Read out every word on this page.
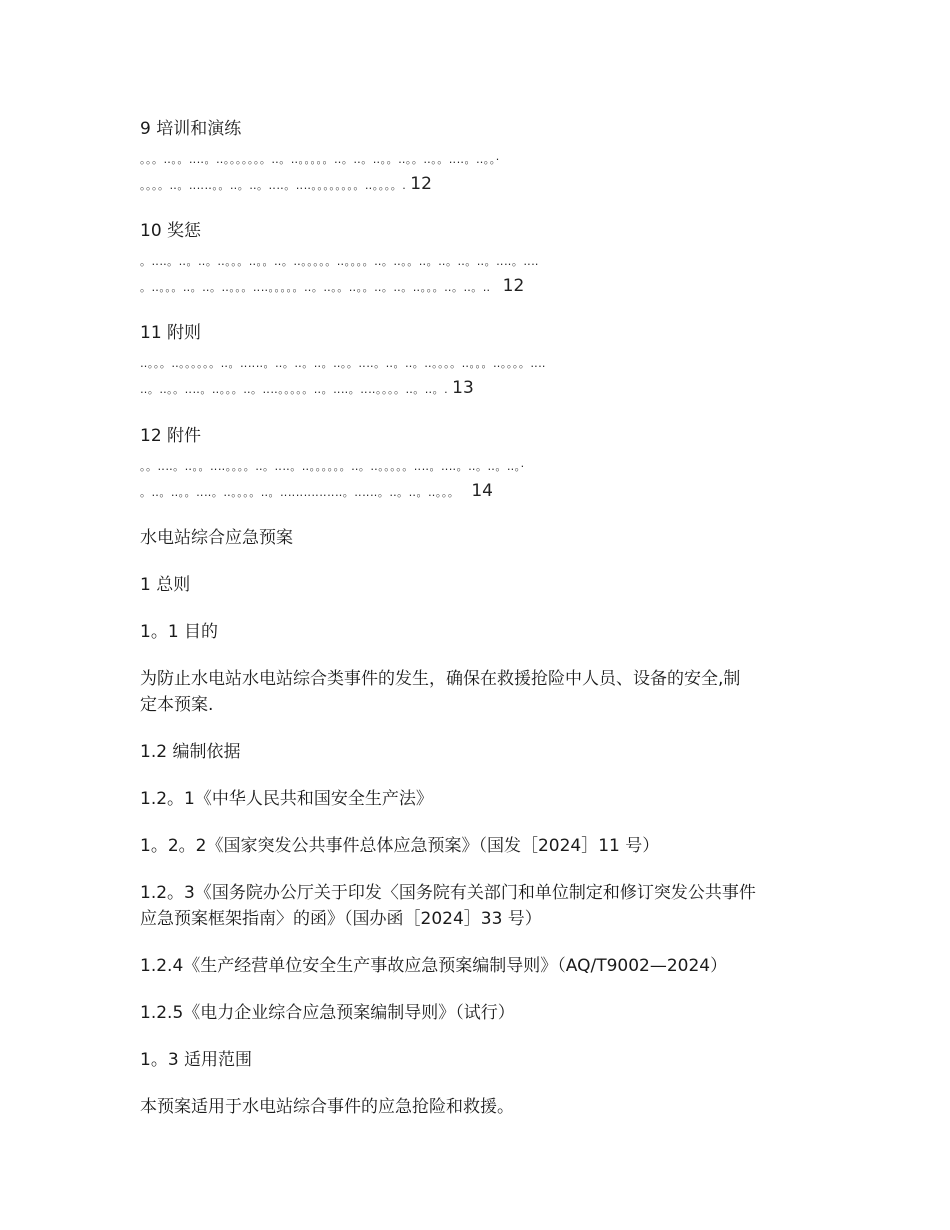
9 培训和演练
。。。‥。。‥‥。‥。。。。。。。‥。‥。。。。。‥。‥。‥。。‥。。‥。。‥‥。‥。。·
。。。。‥。‥‥‥。。‥。‥。‥‥。‥‥。。。。。。。。‥。。。。. 12
10 奖惩
。‥‥。‥。‥。‥。。。‥。。‥。‥。。。。。‥。。。。‥。‥。。‥。‥。‥。‥。‥‥。‥‥
。‥。。。‥。‥。‥。。。‥‥。。。。。‥。‥。。‥。。‥。‥。‥。。。‥。‥。‥ 12
11 附则
‥。。。‥。。。。。。‥。‥‥‥。‥。‥。‥。‥。。‥‥。‥。‥。‥。。。。‥。。。‥。。。。‥‥
‥。‥。。‥‥。‥。。。‥。‥‥。。。。。‥。‥‥。‥‥。。。。‥。‥。. 13
12 附件
。。‥‥。‥。。‥‥。。。。‥。‥‥。‥。。。。。。‥。‥。。。。。‥‥。‥‥。‥。‥。‥。·
。‥。‥。。‥‥。‥。。。。‥。‥‥‥‥‥‥‥‥。‥‥‥。‥。‥。‥。。。 14
水电站综合应急预案
1 总则
1。1 目的
为防止水电站水电站综合类事件的发生，确保在救援抢险中人员、设备的安全,制
定本预案.
1.2 编制依据
1.2。1《中华人民共和国安全生产法》
1。2。2《国家突发公共事件总体应急预案》（国发［2024］11 号）
1.2。3《国务院办公厅关于印发〈国务院有关部门和单位制定和修订突发公共事件
应急预案框架指南〉的函》（国办函［2024］33 号）
1.2.4《生产经营单位安全生产事故应急预案编制导则》（AQ/T9002—2024）
1.2.5《电力企业综合应急预案编制导则》（试行）
1。3 适用范围
本预案适用于水电站综合事件的应急抢险和救援。
